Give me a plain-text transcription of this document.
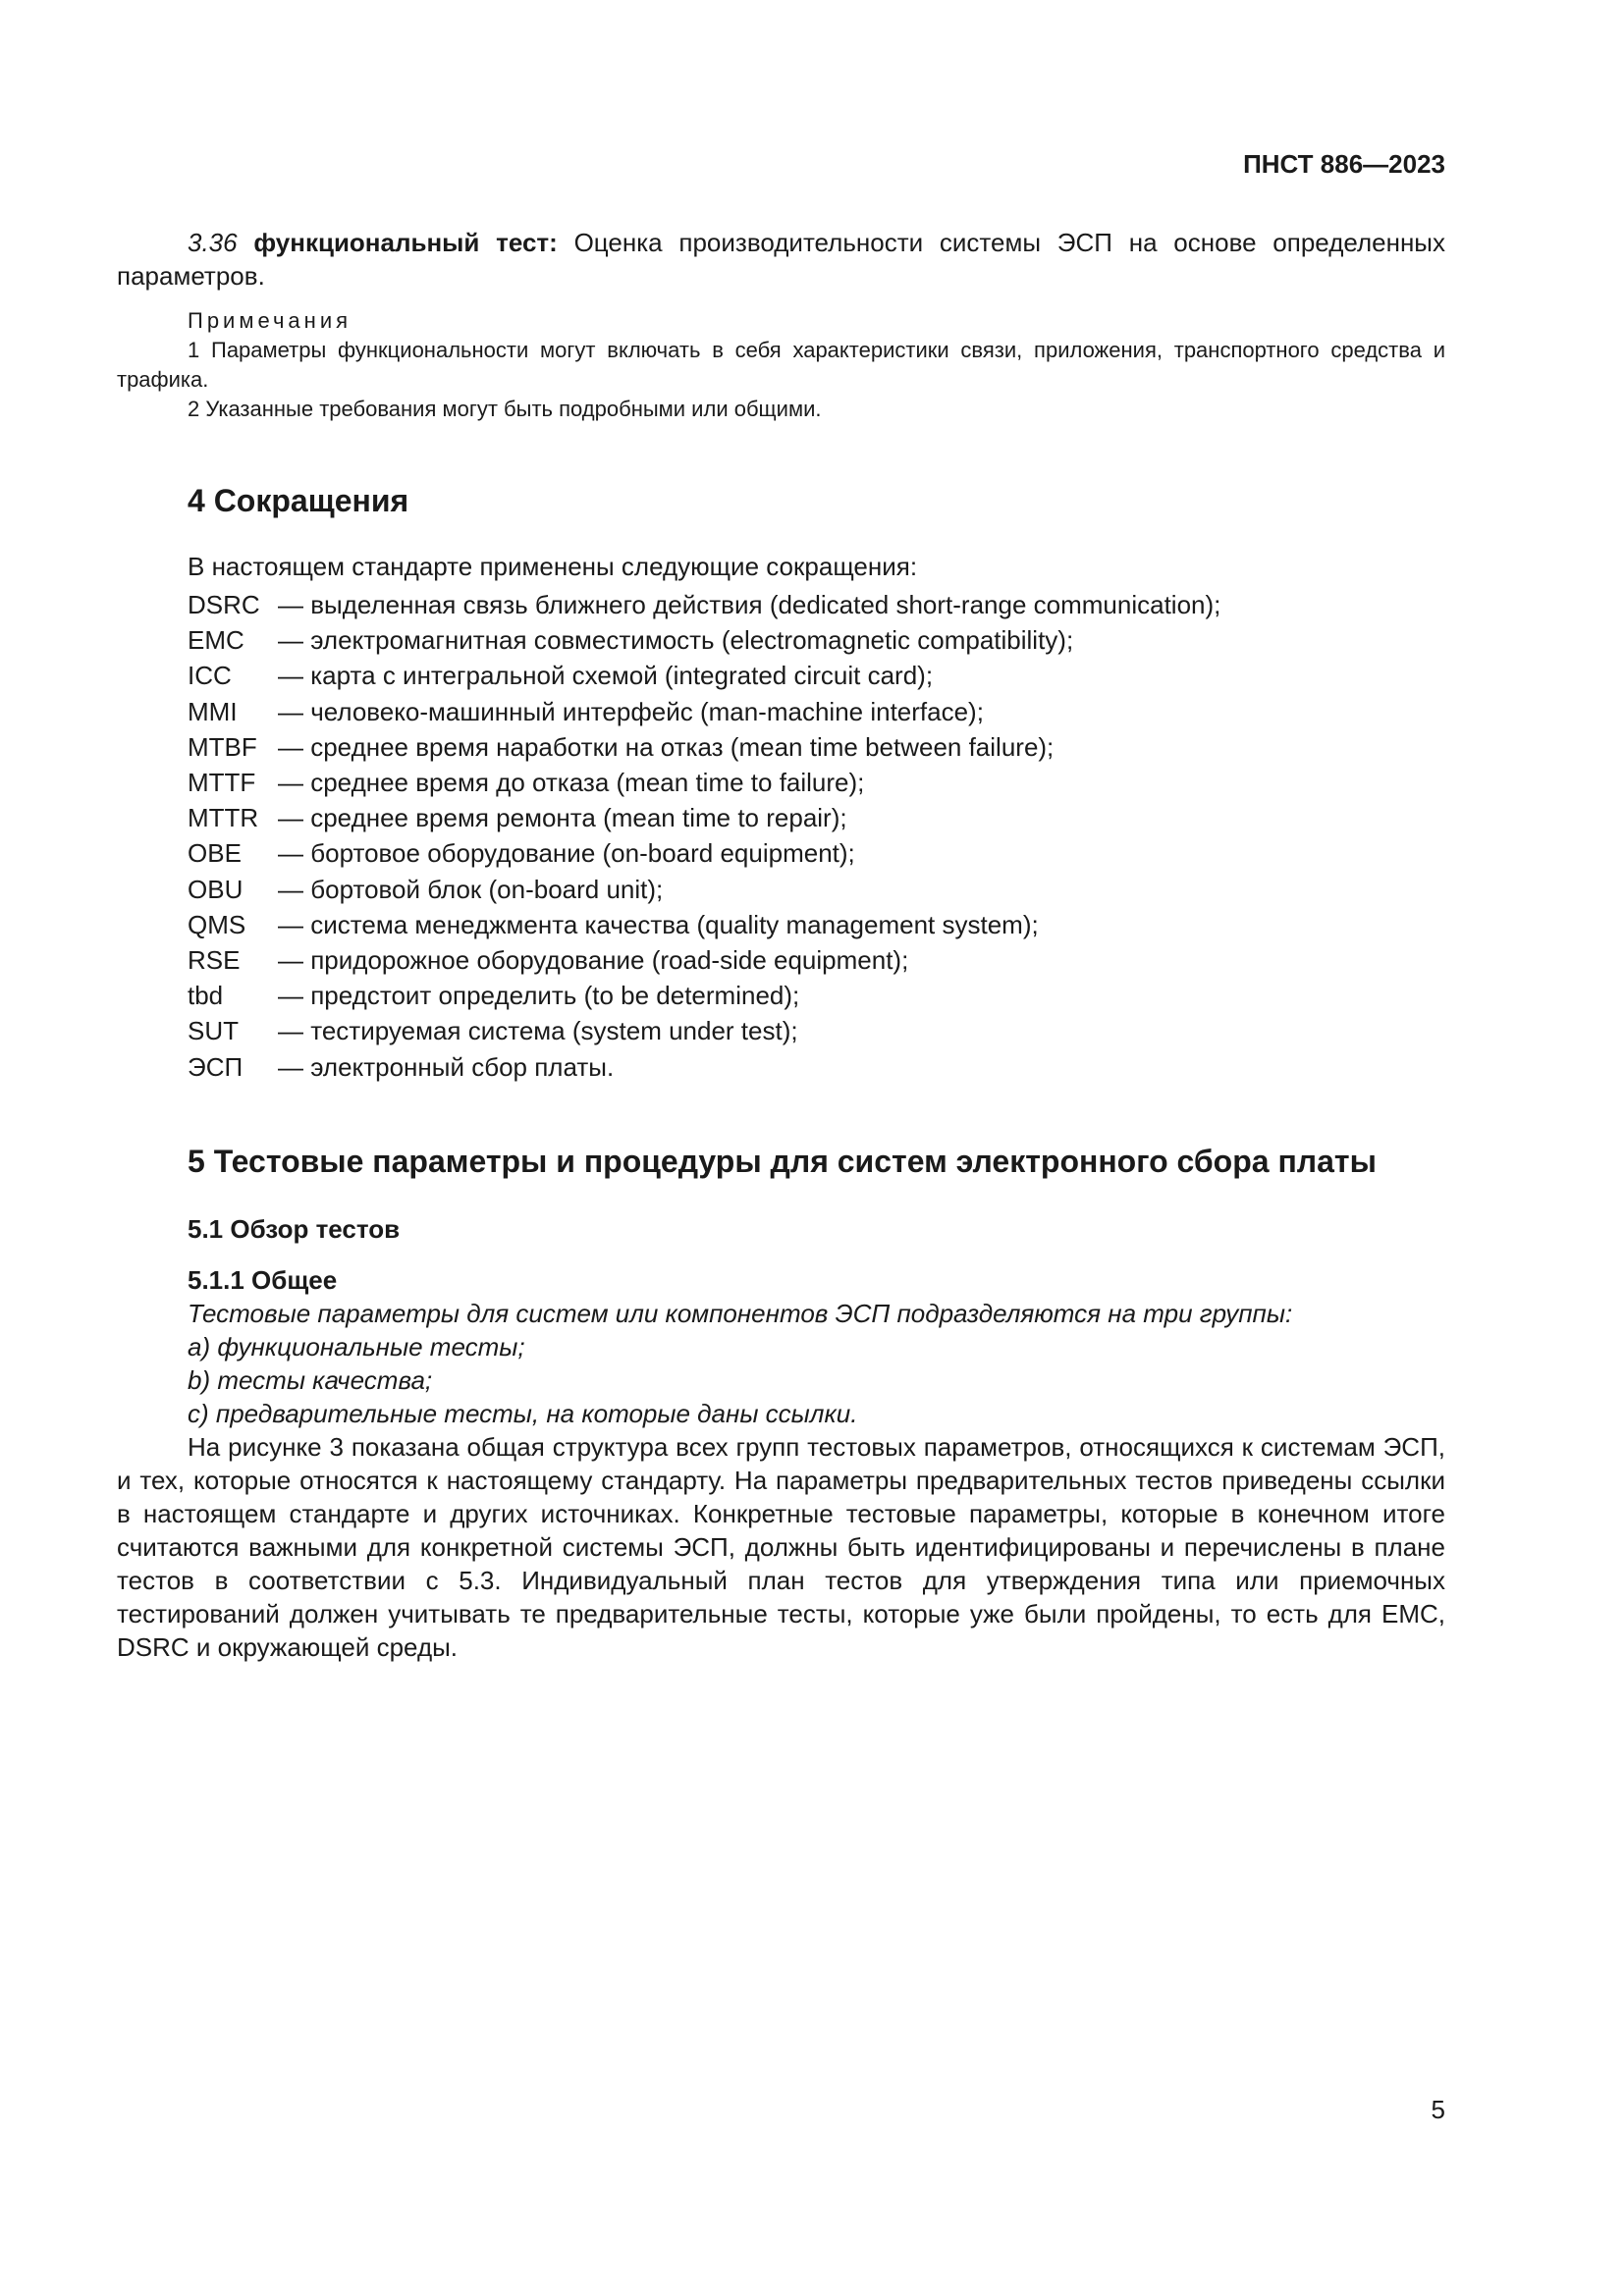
ПНСТ 886—2023

3.36 функциональный тест: Оценка производительности системы ЭСП на основе определенных параметров.

Примечания

1 Параметры функциональности могут включать в себя характеристики связи, приложения, транспортного средства и трафика.

2 Указанные требования могут быть подробными или общими.

4 Сокращения
В настоящем стандарте применены следующие сокращения:
DSRC — выделенная связь ближнего действия (dedicated short-range communication);
EMC	— электромагнитная совместимость (electromagnetic compatibility);
ICC	— карта с интегральной схемой (integrated circuit card);
MMI	— человеко-машинный интерфейс (man-machine interface);
MTBF — среднее время наработки на отказ (mean time between failure);
MTTF — среднее время до отказа (mean time to failure);
MTTR — среднее время ремонта (mean time to repair);
OBE	— бортовое оборудование (on-board equipment);
OBU	— бортовой блок (on-board unit);
QMS	— система менеджмента качества (quality management system);
RSE	— придорожное оборудование (road-side equipment);
tbd	— предстоит определить (to be determined);
SUT	— тестируемая система (system under test);
ЭСП	— электронный сбор платы.
5 Тестовые параметры и процедуры для систем электронного сбора платы
5.1 Обзор тестов
5.1.1 Общее

Тестовые параметры для систем или компонентов ЭСП подразделяются на три группы:

a) функциональные тесты;

b) тесты качества;

c) предварительные тесты, на которые даны ссылки.

На рисунке 3 показана общая структура всех групп тестовых параметров, относящихся к системам ЭСП, и тех, которые относятся к настоящему стандарту. На параметры предварительных тестов приведены ссылки в настоящем стандарте и других источниках. Конкретные тестовые параметры, которые в конечном итоге считаются важными для конкретной системы ЭСП, должны быть идентифицированы и перечислены в плане тестов в соответствии с 5.3. Индивидуальный план тестов для утверждения типа или приемочных тестирований должен учитывать те предварительные тесты, которые уже были пройдены, то есть для EMC, DSRC и окружающей среды.

5
